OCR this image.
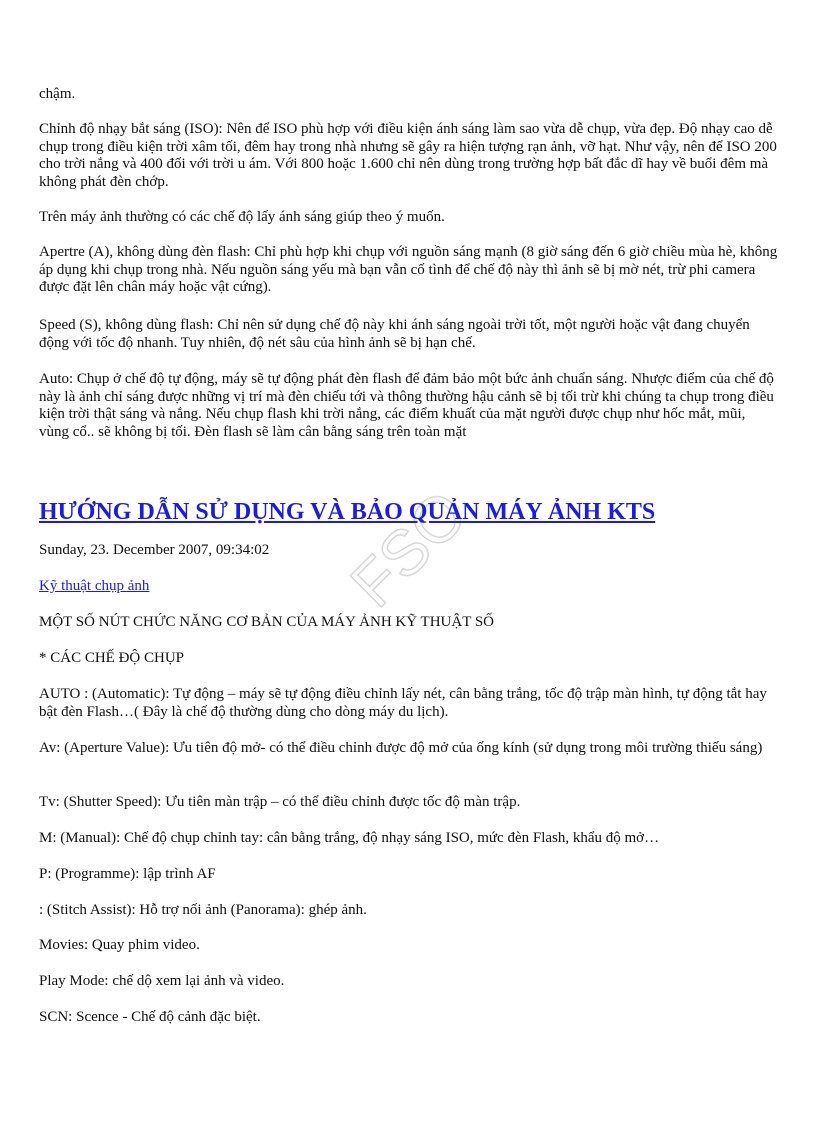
FSO

chậm.

Chỉnh độ nhạy bắt sáng (ISO): Nên để ISO phù hợp với điều kiện ánh sáng làm sao vừa dễ chụp, vừa đẹp. Độ nhạy cao dễ chụp trong điều kiện trời xâm tối, đêm hay trong nhà nhưng sẽ gây ra hiện tượng rạn ảnh, vỡ hạt. Như vậy, nên để ISO 200 cho trời nắng và 400 đối với trời u ám. Với 800 hoặc 1.600 chỉ nên dùng trong trường hợp bất đắc dĩ hay về buổi đêm mà không phát đèn chớp.

Trên máy ảnh thường có các chế độ lấy ánh sáng giúp theo ý muốn.

Apertre (A), không dùng đèn flash: Chỉ phù hợp khi chụp với nguồn sáng mạnh (8 giờ sáng đến 6 giờ chiều mùa hè, không áp dụng khi chụp trong nhà. Nếu nguồn sáng yếu mà bạn vẫn cố tình để chế độ này thì ảnh sẽ bị mờ nét, trừ phi camera được đặt lên chân máy hoặc vật cứng).

Speed (S), không dùng flash: Chỉ nên sử dụng chế độ này khi ánh sáng ngoài trời tốt, một người hoặc vật đang chuyển động với tốc độ nhanh. Tuy nhiên, độ nét sâu của hình ảnh sẽ bị hạn chế.

Auto: Chụp ở chế độ tự động, máy sẽ tự động phát đèn flash để đảm bảo một bức ảnh chuẩn sáng. Nhược điểm của chế độ này là ảnh chỉ sáng được những vị trí mà đèn chiếu tới và thông thường hậu cảnh sẽ bị tối trừ khi chúng ta chụp trong điều kiện trời thật sáng và nắng. Nếu chụp flash khi trời nắng, các điểm khuất của mặt người được chụp như hốc mắt, mũi, vùng cổ.. sẽ không bị tối. Đèn flash sẽ làm cân bằng sáng trên toàn mặt

HƯỚNG DẪN SỬ DỤNG VÀ BẢO QUẢN MÁY ẢNH KTS

Sunday, 23. December 2007, 09:34:02

Kỹ thuật chụp ảnh

MỘT SỐ NÚT CHỨC NĂNG CƠ BẢN CỦA MÁY ẢNH KỸ THUẬT SỐ

* CÁC CHẾ ĐỘ CHỤP

AUTO : (Automatic): Tự động – máy sẽ tự động điều chỉnh lấy nét, cân bằng trắng, tốc độ trập màn hình, tự động tắt hay bật đèn Flash…( Đây là chế độ thường dùng cho dòng máy du lịch).

Av: (Aperture Value): Ưu tiên độ mở- có thể điều chỉnh được độ mở của ống kính (sử dụng trong môi trường thiếu sáng)

Tv: (Shutter Speed): Ưu tiên màn trập – có thể điều chỉnh được tốc độ màn trập.

M: (Manual): Chế độ chụp chỉnh tay: cân bằng trắng, độ nhạy sáng ISO, mức đèn Flash, khẩu độ mở…

P: (Programme): lập trình AF

: (Stitch Assist): Hỗ trợ nối ảnh (Panorama): ghép ảnh.

Movies: Quay phim video.

Play Mode: chế dộ xem lại ảnh và video.

SCN: Scence - Chế độ cảnh đặc biệt.
